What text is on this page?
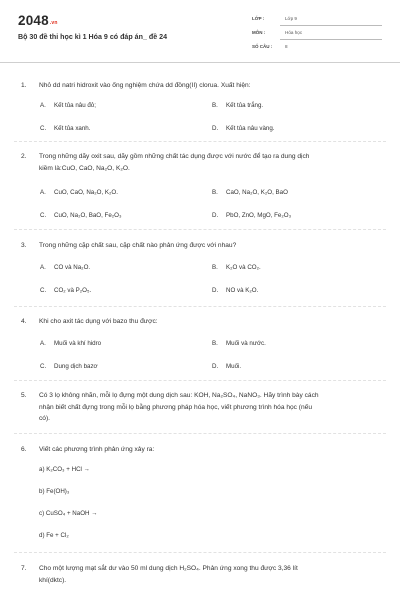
2048.vn
Bộ 30 đề thi học kì 1 Hóa 9 có đáp án_ đề 24
LỚP :	Lớp 9
MÔN :	Hóa học
SỐ CÂU :	8
1. Nhỏ dd natri hidroxit vào ống nghiệm chứa dd đồng(II) clorua. Xuất hiện:
A. Kết tủa nâu đỏ;	B. Kết tủa trắng.
C. Kết tủa xanh.	D. Kết tủa nâu vàng.
2. Trong những dãy oxit sau, dãy gồm những chất tác dụng được với nước để tạo ra dung dịch
kiềm là:CuO, CaO, Na₂O, K₂O.
A. CuO, CaO, Na₂O, K₂O.	B. CaO, Na₂O, K₂O, BaO
C. CuO, Na₂O, BaO, Fe₂O₃	D. PbO, ZnO, MgO, Fe₂O₃
3. Trong những cặp chất sau, cặp chất nào phản ứng được với nhau?
A. CO và Na₂O.	B. K₂O và CO₂.
C. CO₂ và P₂O₅.	D. NO và K₂O.
4. Khi cho axit tác dụng với bazo thu được:
A. Muối và khí hidro	B. Muối và nước.
C. Dung dịch bazơ	D. Muối.
5. Có 3 lọ không nhãn, mỗi lọ đựng một dung dịch sau: KOH, Na₂SO₄, NaNO₃. Hãy trình bày cách
nhận biết chất đựng trong mỗi lọ bằng phương pháp hóa học, viết phương trình hóa học (nếu
có).
6. Viết các phương trình phản ứng xảy ra:
a) K₂CO₃ + HCl →
b) Fe(OH)₃
c) CuSO₄ + NaOH →
d) Fe + Cl₂
7. Cho một lượng mạt sắt dư vào 50 ml dung dịch H₂SO₄. Phản ứng xong thu được 3,36 lít
khí(dktc).
